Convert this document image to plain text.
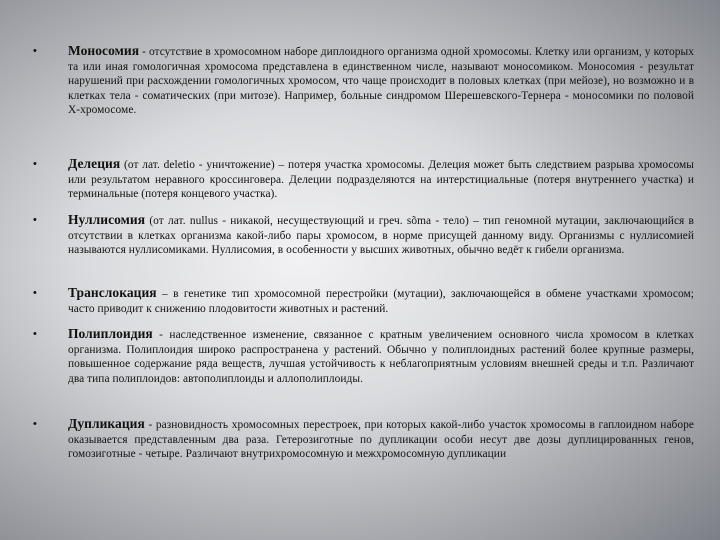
• Моносомия - отсутствие в хромосомном наборе диплоидного организма одной хромосомы. Клетку или организм, у которых та или иная гомологичная хромосома представлена в единственном числе, называют моносомиком. Моносомия - результат нарушений при расхождении гомологичных хромосом, что чаще происходит в половых клетках (при мейозе), но возможно и в клетках тела - соматических (при митозе). Например, больные синдромом Шерешевского-Тернера - моносомики по половой Х-хромосоме.
• Делеция (от лат. deletio - уничтожение) – потеря участка хромосомы. Делеция может быть следствием разрыва хромосомы или результатом неравного кроссинговера. Делеции подразделяются на интерстициальные (потеря внутреннего участка) и терминальные (потеря концевого участка).
• Нуллисомия (от лат. nullus - никакой, несуществующий и греч. sõma - тело) – тип геномной мутации, заключающийся в отсутствии в клетках организма какой-либо пары хромосом, в норме присущей данному виду. Организмы с нуллисомией называются нуллисомиками. Нуллисомия, в особенности у высших животных, обычно ведёт к гибели организма.
• Транслокация – в генетике тип хромосомной перестройки (мутации), заключающейся в обмене участками хромосом; часто приводит к снижению плодовитости животных и растений.
• Полиплоидия - наследственное изменение, связанное с кратным увеличением основного числа хромосом в клетках организма. Полиплоидия широко распространена у растений. Обычно у полиплоидных растений более крупные размеры, повышенное содержание ряда веществ, лучшая устойчивость к неблагоприятным условиям внешней среды и т.п. Различают два типа полиплоидов: автополиплоиды и аллополиплоиды.
• Дупликация - разновидность хромосомных перестроек, при которых какой-либо участок хромосомы в гаплоидном наборе оказывается представленным два раза. Гетерозиготные по дупликации особи несут две дозы дуплицированных генов, гомозиготные - четыре. Различают внутрихромосомную и межхромосомную дупликации
